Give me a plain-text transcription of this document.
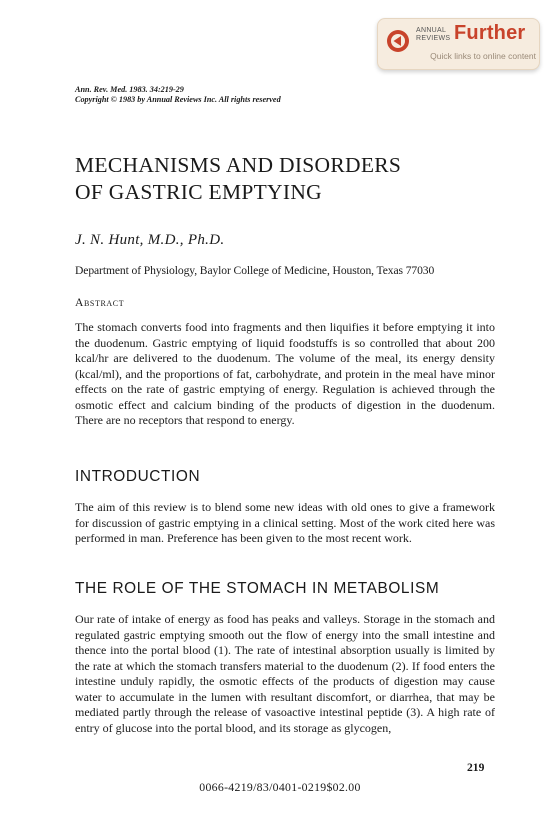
ANNUAL
REVIEWS Further
Quick links to online content
Ann. Rev. Med. 1983. 34:219-29
Copyright © 1983 by Annual Reviews Inc. All rights reserved
MECHANISMS AND DISORDERS
OF GASTRIC EMPTYING
J. N. Hunt, M.D., Ph.D.
Department of Physiology, Baylor College of Medicine, Houston, Texas 77030
Abstract

The stomach converts food into fragments and then liquifies it before emptying it into the duodenum. Gastric emptying of liquid foodstuffs is so controlled that about 200 kcal/hr are delivered to the duodenum. The volume of the meal, its energy density (kcal/ml), and the proportions of fat, carbohydrate, and protein in the meal have minor effects on the rate of gastric emptying of energy. Regulation is achieved through the osmotic effect and calcium binding of the products of digestion in the duodenum. There are no receptors that respond to energy.

INTRODUCTION

The aim of this review is to blend some new ideas with old ones to give a framework for discussion of gastric emptying in a clinical setting. Most of the work cited here was performed in man. Preference has been given to the most recent work.

THE ROLE OF THE STOMACH IN METABOLISM

Our rate of intake of energy as food has peaks and valleys. Storage in the stomach and regulated gastric emptying smooth out the flow of energy into the small intestine and thence into the portal blood (1). The rate of intestinal absorption usually is limited by the rate at which the stomach transfers material to the duodenum (2). If food enters the intestine unduly rapidly, the osmotic effects of the products of digestion may cause water to accumulate in the lumen with resultant discomfort, or diarrhea, that may be mediated partly through the release of vasoactive intestinal peptide (3). A high rate of entry of glucose into the portal blood, and its storage as glycogen,

219
0066-4219/83/0401-0219$02.00
